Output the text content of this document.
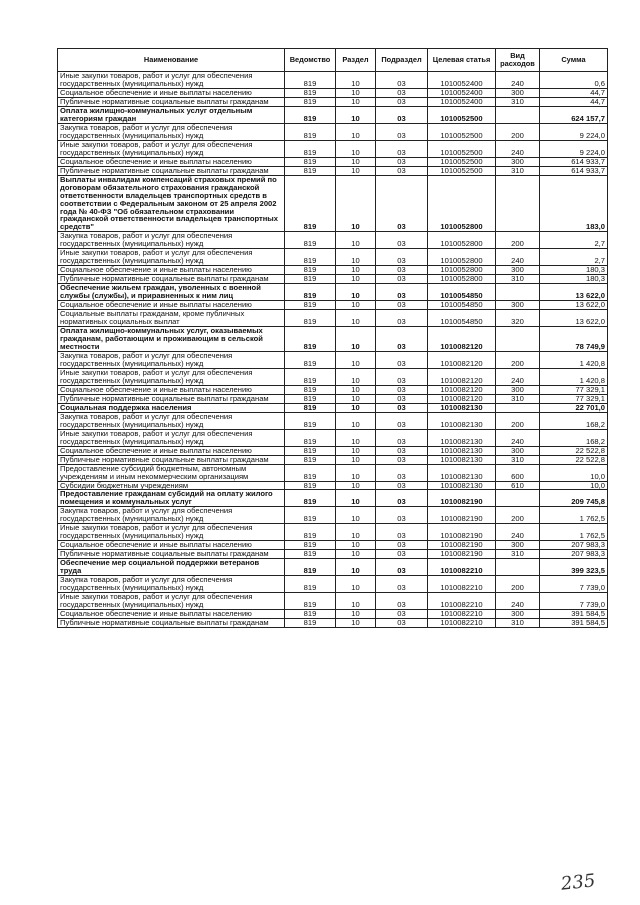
Наименование	Ведомство	Раздел	Подраздел	Целевая статья	Вид расходов	Сумма
Иные закупки товаров, работ и услуг для обеспечения государственных (муниципальных) нужд	819	10	03	1010052400	240	0,6
Социальное обеспечение и иные выплаты населению	819	10	03	1010052400	300	44,7
Публичные нормативные социальные выплаты гражданам	819	10	03	1010052400	310	44,7
Оплата жилищно-коммунальных услуг отдельным категориям граждан	819	10	03	1010052500		624 157,7
Закупка товаров, работ и услуг для обеспечения государственных (муниципальных) нужд	819	10	03	1010052500	200	9 224,0
Иные закупки товаров, работ и услуг для обеспечения государственных (муниципальных) нужд	819	10	03	1010052500	240	9 224,0
Социальное обеспечение и иные выплаты населению	819	10	03	1010052500	300	614 933,7
Публичные нормативные социальные выплаты гражданам	819	10	03	1010052500	310	614 933,7
Выплаты инвалидам компенсаций страховых премий по договорам обязательного страхования гражданской ответственности владельцев транспортных средств в соответствии с Федеральным законом от 25 апреля 2002 года № 40-ФЗ "Об обязательном страховании гражданской ответственности владельцев транспортных средств"	819	10	03	1010052800		183,0
Закупка товаров, работ и услуг для обеспечения государственных (муниципальных) нужд	819	10	03	1010052800	200	2,7
Иные закупки товаров, работ и услуг для обеспечения государственных (муниципальных) нужд	819	10	03	1010052800	240	2,7
Социальное обеспечение и иные выплаты населению	819	10	03	1010052800	300	180,3
Публичные нормативные социальные выплаты гражданам	819	10	03	1010052800	310	180,3
Обеспечение жильем граждан, уволенных с военной службы (службы), и приравненных к ним лиц	819	10	03	1010054850		13 622,0
Социальное обеспечение и иные выплаты населению	819	10	03	1010054850	300	13 622,0
Социальные выплаты гражданам, кроме публичных нормативных социальных выплат	819	10	03	1010054850	320	13 622,0
Оплата жилищно-коммунальных услуг, оказываемых гражданам, работающим и проживающим в сельской местности	819	10	03	1010082120		78 749,9
Закупка товаров, работ и услуг для обеспечения государственных (муниципальных) нужд	819	10	03	1010082120	200	1 420,8
Иные закупки товаров, работ и услуг для обеспечения государственных (муниципальных) нужд	819	10	03	1010082120	240	1 420,8
Социальное обеспечение и иные выплаты населению	819	10	03	1010082120	300	77 329,1
Публичные нормативные социальные выплаты гражданам	819	10	03	1010082120	310	77 329,1
Социальная поддержка населения	819	10	03	1010082130		22 701,0
Закупка товаров, работ и услуг для обеспечения государственных (муниципальных) нужд	819	10	03	1010082130	200	168,2
Иные закупки товаров, работ и услуг для обеспечения государственных (муниципальных) нужд	819	10	03	1010082130	240	168,2
Социальное обеспечение и иные выплаты населению	819	10	03	1010082130	300	22 522,8
Публичные нормативные социальные выплаты гражданам	819	10	03	1010082130	310	22 522,8
Предоставление субсидий бюджетным, автономным учреждениям и иным некоммерческим организациям	819	10	03	1010082130	600	10,0
Субсидии бюджетным учреждениям	819	10	03	1010082130	610	10,0
Предоставление гражданам субсидий на оплату жилого помещения и коммунальных услуг	819	10	03	1010082190		209 745,8
Закупка товаров, работ и услуг для обеспечения государственных (муниципальных) нужд	819	10	03	1010082190	200	1 762,5
Иные закупки товаров, работ и услуг для обеспечения государственных (муниципальных) нужд	819	10	03	1010082190	240	1 762,5
Социальное обеспечение и иные выплаты населению	819	10	03	1010082190	300	207 983,3
Публичные нормативные социальные выплаты гражданам	819	10	03	1010082190	310	207 983,3
Обеспечение мер социальной поддержки ветеранов труда	819	10	03	1010082210		399 323,5
Закупка товаров, работ и услуг для обеспечения государственных (муниципальных) нужд	819	10	03	1010082210	200	7 739,0
Иные закупки товаров, работ и услуг для обеспечения государственных (муниципальных) нужд	819	10	03	1010082210	240	7 739,0
Социальное обеспечение и иные выплаты населению	819	10	03	1010082210	300	391 584,5
Публичные нормативные социальные выплаты гражданам	819	10	03	1010082210	310	391 584,5
235
